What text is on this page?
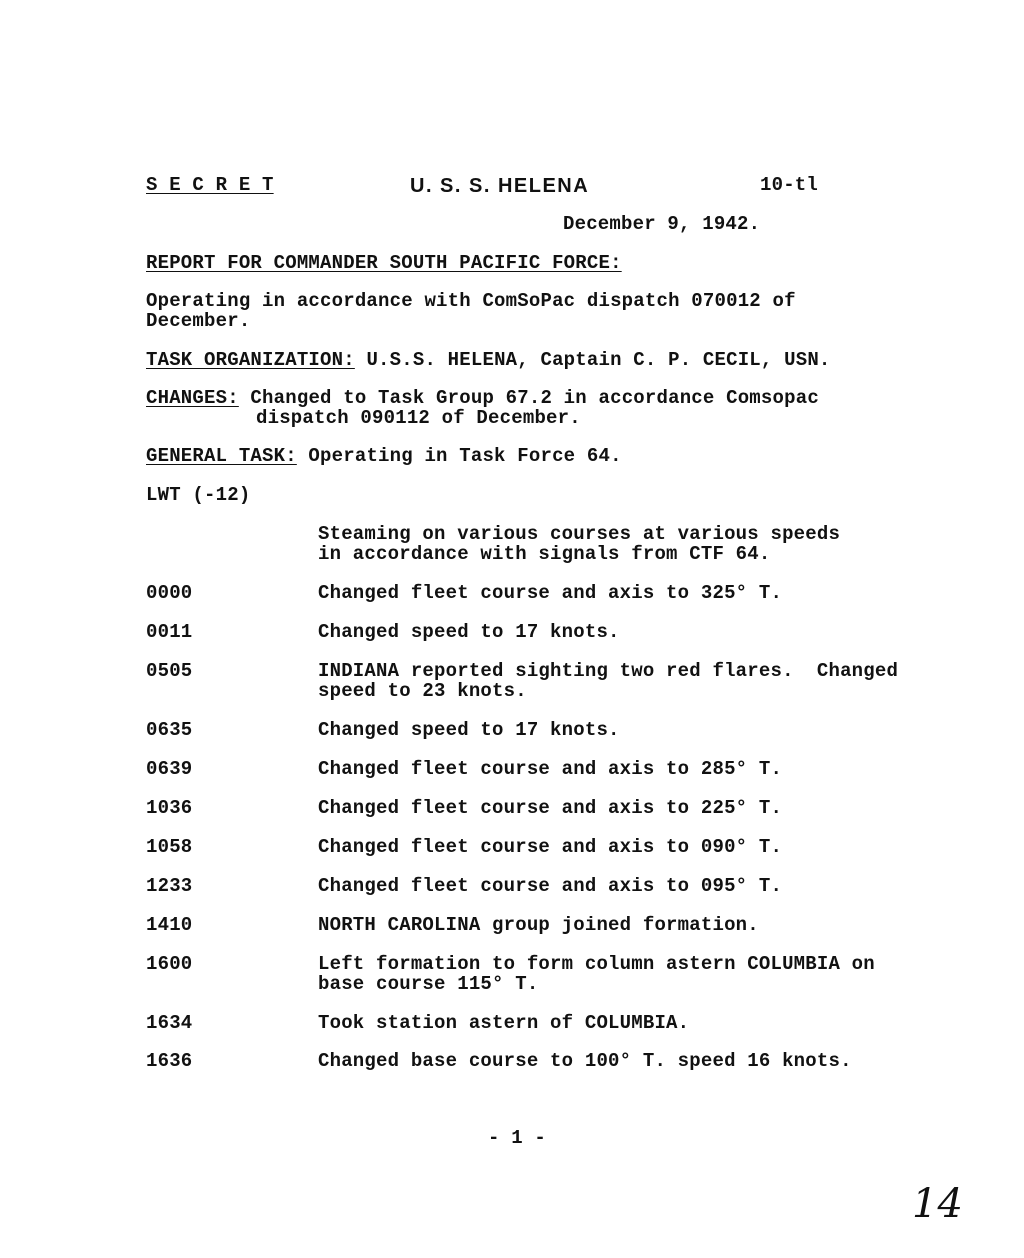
S E C R E T	U. S. S. HELENA	10-tl
December 9, 1942.
REPORT FOR COMMANDER SOUTH PACIFIC FORCE:
Operating in accordance with ComSoPac dispatch 070012 of
December.
TASK ORGANIZATION: U.S.S. HELENA, Captain C. P. CECIL, USN.
CHANGES: Changed to Task Group 67.2 in accordance Comsopac
dispatch 090112 of December.
GENERAL TASK: Operating in Task Force 64.
LWT (-12)
Steaming on various courses at various speeds
in accordance with signals from CTF 64.
0000	Changed fleet course and axis to 325° T.
0011	Changed speed to 17 knots.
0505	INDIANA reported sighting two red flares.  Changed
speed to 23 knots.
0635	Changed speed to 17 knots.
0639	Changed fleet course and axis to 285° T.
1036	Changed fleet course and axis to 225° T.
1058	Changed fleet course and axis to 090° T.
1233	Changed fleet course and axis to 095° T.
1410	NORTH CAROLINA group joined formation.
1600	Left formation to form column astern COLUMBIA on
base course 115° T.
1634	Took station astern of COLUMBIA.
1636	Changed base course to 100° T. speed 16 knots.
- 1 -
14
